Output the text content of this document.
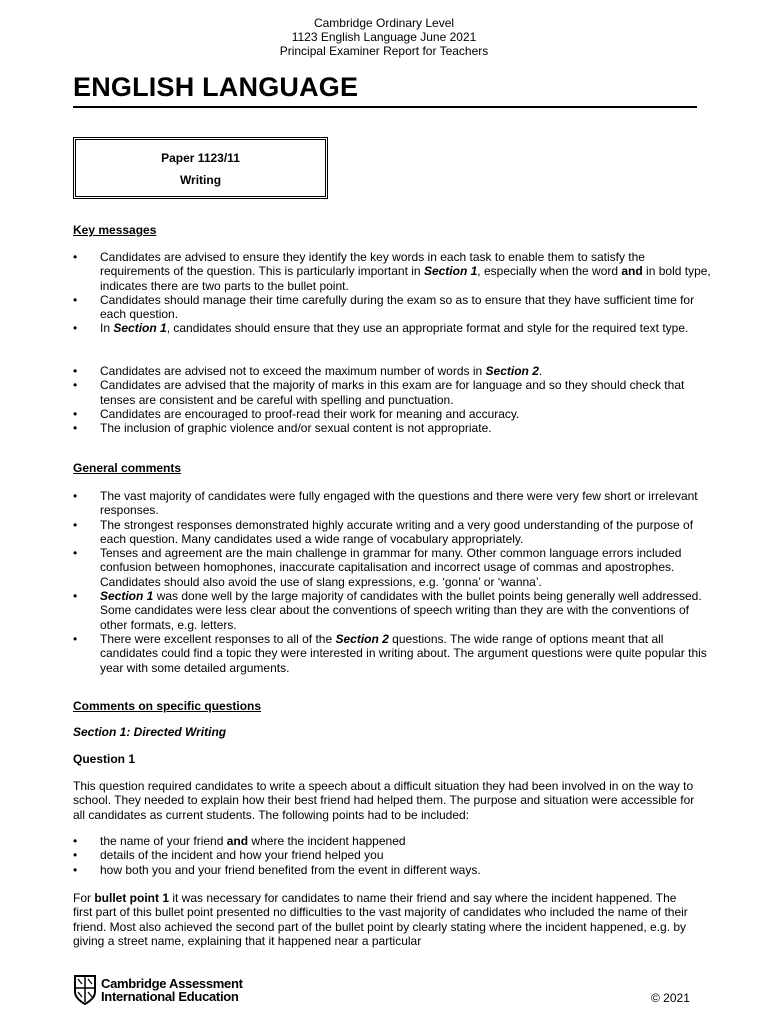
Cambridge Ordinary Level
1123 English Language June 2021
Principal Examiner Report for Teachers
ENGLISH LANGUAGE
Paper 1123/11
Writing
Key messages
• Candidates are advised to ensure they identify the key words in each task to enable them to satisfy the requirements of the question. This is particularly important in Section 1, especially when the word and in bold type, indicates there are two parts to the bullet point.
• Candidates should manage their time carefully during the exam so as to ensure that they have sufficient time for each question.
• In Section 1, candidates should ensure that they use an appropriate format and style for the required text type.
• Candidates are advised not to exceed the maximum number of words in Section 2.
• Candidates are advised that the majority of marks in this exam are for language and so they should check that tenses are consistent and be careful with spelling and punctuation.
• Candidates are encouraged to proof-read their work for meaning and accuracy.
• The inclusion of graphic violence and/or sexual content is not appropriate.
General comments
• The vast majority of candidates were fully engaged with the questions and there were very few short or irrelevant responses.
• The strongest responses demonstrated highly accurate writing and a very good understanding of the purpose of each question. Many candidates used a wide range of vocabulary appropriately.
• Tenses and agreement are the main challenge in grammar for many. Other common language errors included confusion between homophones, inaccurate capitalisation and incorrect usage of commas and apostrophes. Candidates should also avoid the use of slang expressions, e.g. ‘gonna’ or ‘wanna’.
• Section 1 was done well by the large majority of candidates with the bullet points being generally well addressed. Some candidates were less clear about the conventions of speech writing than they are with the conventions of other formats, e.g. letters.
• There were excellent responses to all of the Section 2 questions. The wide range of options meant that all candidates could find a topic they were interested in writing about. The argument questions were quite popular this year with some detailed arguments.
Comments on specific questions
Section 1: Directed Writing
Question 1
This question required candidates to write a speech about a difficult situation they had been involved in on the way to school. They needed to explain how their best friend had helped them. The purpose and situation were accessible for all candidates as current students. The following points had to be included:
• the name of your friend and where the incident happened
• details of the incident and how your friend helped you
• how both you and your friend benefited from the event in different ways.
For bullet point 1 it was necessary for candidates to name their friend and say where the incident happened. The first part of this bullet point presented no difficulties to the vast majority of candidates who included the name of their friend. Most also achieved the second part of the bullet point by clearly stating where the incident happened, e.g. by giving a street name, explaining that it happened near a particular
Cambridge Assessment
International Education	© 2021
